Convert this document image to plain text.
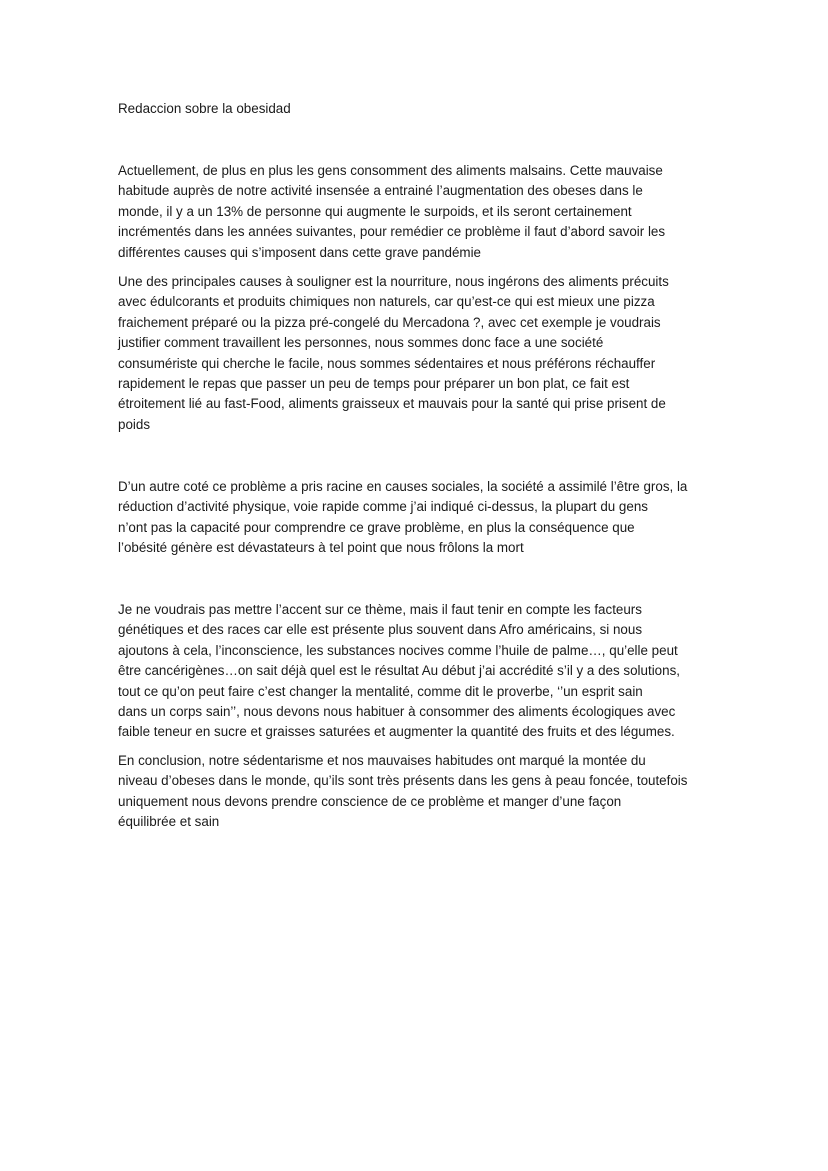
Redaccion sobre la obesidad

Actuellement, de plus en plus les gens consomment des aliments malsains. Cette mauvaise
habitude auprès de notre activité insensée a entrainé l’augmentation des obeses dans le
monde, il y a un 13% de personne qui augmente le surpoids, et ils seront certainement
incrémentés dans les années suivantes, pour remédier ce problème il faut d’abord savoir les
différentes causes qui s’imposent dans cette grave pandémie

Une des principales causes à souligner est la nourriture, nous ingérons des aliments précuits
avec édulcorants et produits chimiques non naturels, car qu’est-ce qui est mieux une pizza
fraichement préparé ou la pizza pré-congelé du Mercadona ?, avec cet exemple je voudrais
justifier comment travaillent les personnes, nous sommes donc face a une société
consumériste qui cherche le facile, nous sommes sédentaires et nous préférons réchauffer
rapidement le repas que passer un peu de temps pour préparer un bon plat, ce fait est
étroitement lié au fast-Food, aliments graisseux et mauvais pour la santé qui prise prisent de
poids

D’un autre coté ce problème a pris racine en causes sociales, la société a assimilé l’être gros, la
réduction d’activité physique, voie rapide comme j’ai indiqué ci-dessus, la plupart du gens
n’ont pas la capacité pour comprendre ce grave problème, en plus la conséquence que
l’obésité génère est dévastateurs à tel point que nous frôlons la mort

Je ne voudrais pas mettre l’accent sur ce thème, mais il faut tenir en compte les facteurs
génétiques et des races car elle est présente plus souvent dans Afro américains, si nous
ajoutons à cela, l’inconscience, les substances nocives comme l’huile de palme…, qu’elle peut
être cancérigènes…on sait déjà quel est le résultat Au début j’ai accrédité s’il y a des solutions,
tout ce qu’on peut faire c’est changer la mentalité, comme dit le proverbe, ‘’un esprit sain
dans un corps sain’’, nous devons nous habituer à consommer des aliments écologiques avec
faible teneur en sucre et graisses saturées et augmenter la quantité des fruits et des légumes.

En conclusion, notre sédentarisme et nos mauvaises habitudes ont marqué la montée du
niveau d’obeses dans le monde, qu’ils sont très présents dans les gens à peau foncée, toutefois
uniquement nous devons prendre conscience de ce problème et manger d’une façon
équilibrée et sain
